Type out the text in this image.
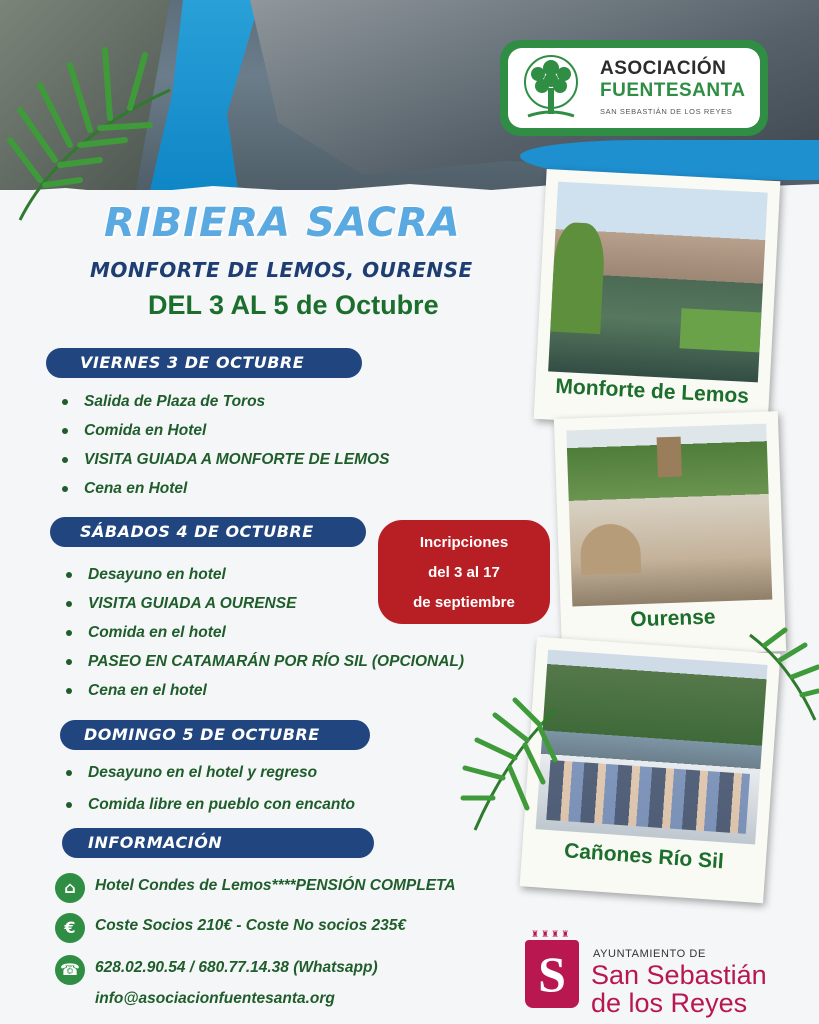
ASOCIACIÓN
FUENTESANTA
SAN SEBASTIÁN DE LOS REYES
RIBIERA SACRA
MONFORTE DE LEMOS, OURENSE
DEL 3 AL 5 de Octubre
VIERNES 3 DE OCTUBRE
Salida de Plaza de Toros
Comida en Hotel
VISITA GUIADA A MONFORTE DE LEMOS
Cena en Hotel
SÁBADOS 4 DE OCTUBRE
Desayuno en hotel
VISITA GUIADA A OURENSE
Comida en el hotel
PASEO EN CATAMARÁN POR RÍO SIL (OPCIONAL)
Cena en el hotel
Incripciones
del 3 al 17
de septiembre
DOMINGO 5 DE OCTUBRE
Desayuno en el hotel y regreso
Comida libre en pueblo con encanto
INFORMACIÓN
⌂	Hotel Condes de Lemos****PENSIÓN COMPLETA
€	Coste Socios 210€ - Coste No socios 235€
☎ 628.02.90.54 / 680.77.14.38 (Whatsapp)
info@asociacionfuentesanta.org
Monforte de Lemos
Ourense
Cañones Río Sil
♜♜♜♜
S	AYUNTAMIENTO DE
San Sebastián
de los Reyes
